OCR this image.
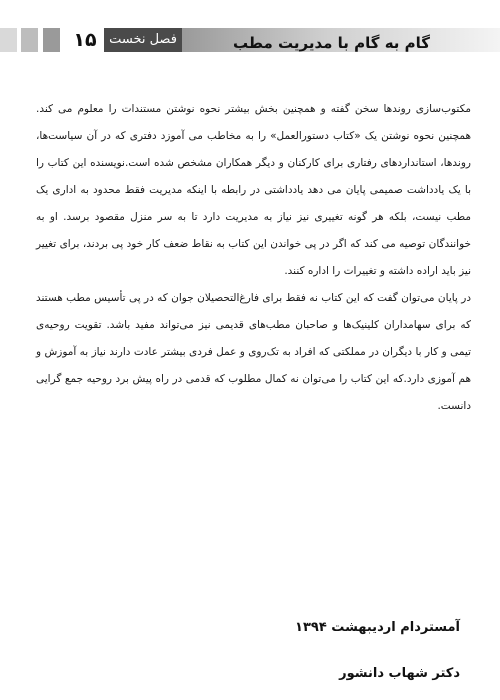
۱۵ فصل نخست	گام به گام با مدیریت مطب

مکتوب‌سازی روندها سخن گفته و همچنین بخش بیشتر نحوه نوشتن مستندات را معلوم می کند. همچنین نحوه نوشتن یک «کتاب دستورالعمل» را به مخاطب می آموزد دفتری که در آن سیاست‌ها، روندها، استانداردهای رفتاری برای کارکنان و دیگر همکاران مشخص شده است.نویسنده این کتاب را با یک یادداشت صمیمی پایان می دهد یادداشتی در رابطه با اینکه مدیریت فقط محدود به اداری یک مطب نیست، بلکه هر گونه تغییری نیز نیاز به مدیریت دارد تا به سر منزل مقصود برسد. او به خوانندگان توصیه می کند که اگر در پی خواندن این کتاب به نقاط ضعف کار خود پی بردند، برای تغییر نیز باید اراده داشته و تغییرات را اداره کنند.

در پایان می‌توان گفت که این کتاب نه فقط برای فارغ‌التحصیلان جوان که در پی تأسیس مطب هستند که برای سهامداران کلینیک‌ها و صاحبان مطب‌های قدیمی نیز می‌تواند مفید باشد. تقویت روحیه‌ی تیمی و کار با دیگران در مملکتی که افراد به تک‌روی و عمل فردی بیشتر عادت دارند نیاز به آموزش و هم آموزی دارد.که این کتاب را می‌توان نه کمال مطلوب که قدمی در راه پیش برد روحیه جمع گرایی دانست.

آمستردام اردیبهشت ۱۳۹۴
دکتر شهاب دانشور
